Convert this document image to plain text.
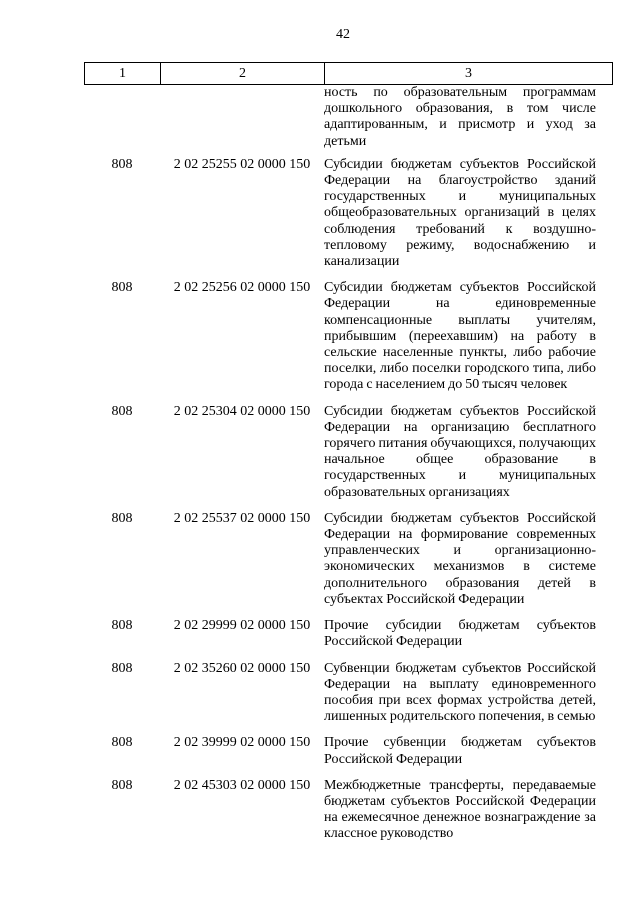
42
1	2	3
ность по образовательным программам дошкольного образования, в том числе адаптированным, и присмотр и уход за детьми
808	2 02 25255 02 0000 150 Субсидии бюджетам субъектов Российской Федерации на благоустройство зданий государственных и муниципальных общеобразовательных организаций в целях соблюдения требований к воздушно-тепловому режиму, водоснабжению и канализации
808	2 02 25256 02 0000 150 Субсидии бюджетам субъектов Российской Федерации на единовременные компенсационные выплаты учителям, прибывшим (переехавшим) на работу в сельские населенные пункты, либо рабочие поселки, либо поселки городского типа, либо города с населением до 50 тысяч человек
808	2 02 25304 02 0000 150 Субсидии бюджетам субъектов Российской Федерации на организацию бесплатного горячего питания обучающихся, получающих начальное общее образование в государственных и муниципальных образовательных организациях
808	2 02 25537 02 0000 150 Субсидии бюджетам субъектов Российской Федерации на формирование современных управленческих и организационно-экономических механизмов в системе дополнительного образования детей в субъектах Российской Федерации
808	2 02 29999 02 0000 150 Прочие субсидии бюджетам субъектов Российской Федерации
808	2 02 35260 02 0000 150 Субвенции бюджетам субъектов Российской Федерации на выплату единовременного пособия при всех формах устройства детей, лишенных родительского попечения, в семью
808	2 02 39999 02 0000 150 Прочие субвенции бюджетам субъектов Российской Федерации
808	2 02 45303 02 0000 150 Межбюджетные трансферты, передаваемые бюджетам субъектов Российской Федерации на ежемесячное денежное вознаграждение за классное руководство
